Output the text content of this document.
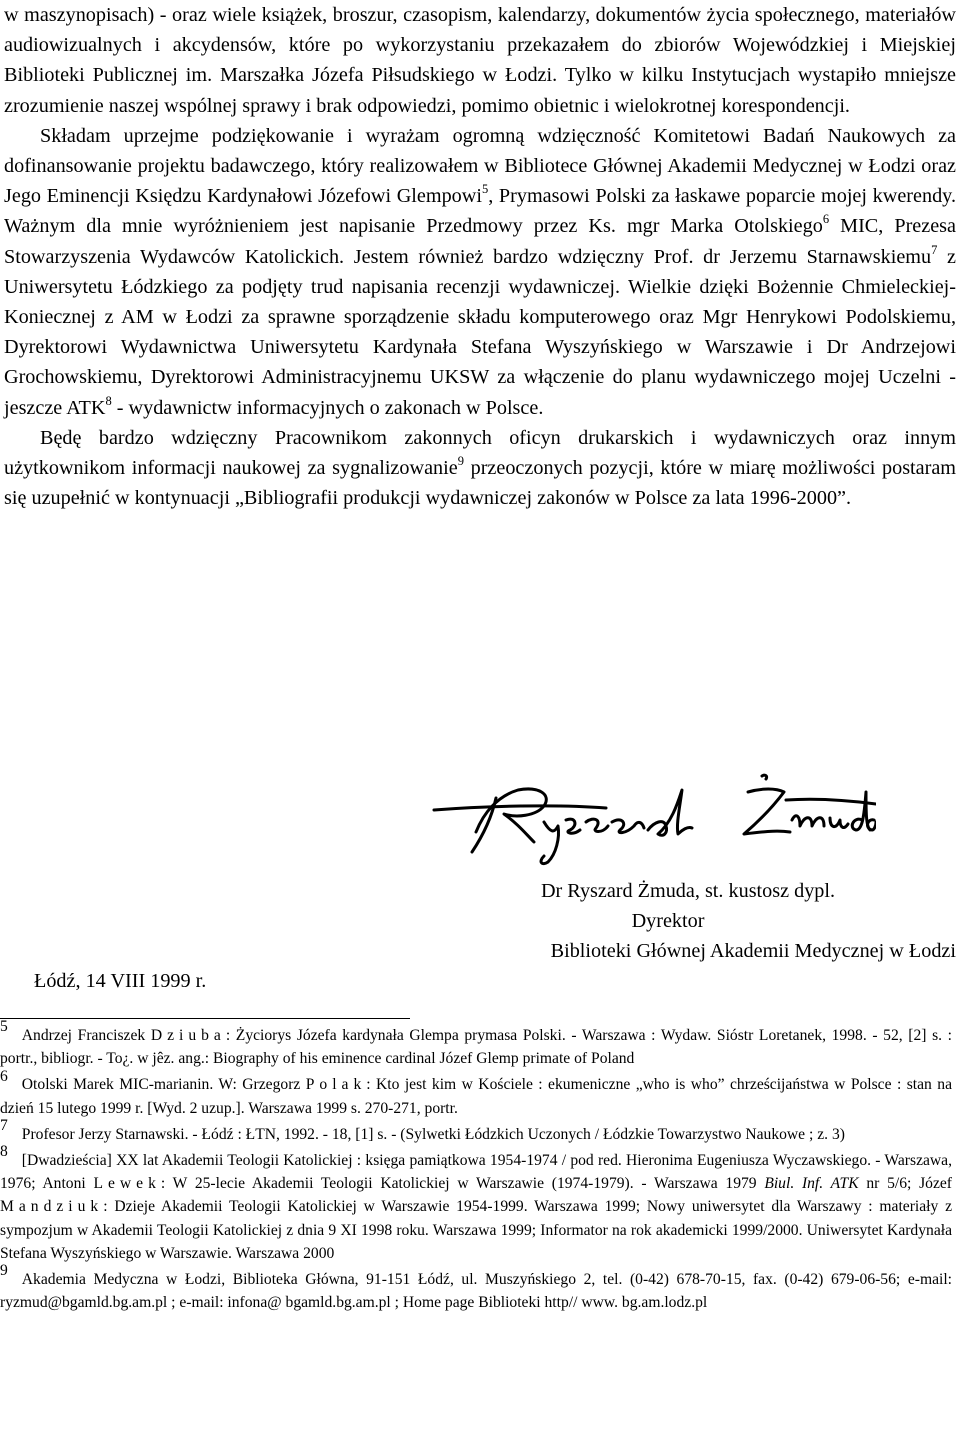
w maszynopisach) - oraz wiele książek, broszur, czasopism, kalendarzy, dokumentów życia społecznego, materiałów audiowizualnych i akcydensów, które po wykorzystaniu przekazałem do zbiorów Wojewódzkiej i Miejskiej Biblioteki Publicznej im. Marszałka Józefa Piłsudskiego w Łodzi. Tylko w kilku Instytucjach wystapiło mniejsze zrozumienie naszej wspólnej sprawy i brak odpowiedzi, pomimo obietnic i wielokrotnej korespondencji.

Składam uprzejme podziękowanie i wyrażam ogromną wdzięczność Komitetowi Badań Naukowych za dofinansowanie projektu badawczego, który realizowałem w Bibliotece Głównej Akademii Medycznej w Łodzi oraz Jego Eminencji Księdzu Kardynałowi Józefowi Glempowi$^5$, Prymasowi Polski za łaskawe poparcie mojej kwerendy. Ważnym dla mnie wyróżnieniem jest napisanie Przedmowy przez Ks. mgr Marka Otolskiego$^6$ MIC, Prezesa Stowarzyszenia Wydawców Katolickich. Jestem również bardzo wdzięczny Prof. dr Jerzemu Starnawskiemu$^7$ z Uniwersytetu Łódzkiego za podjęty trud napisania recenzji wydawniczej. Wielkie dzięki Bożennie Chmieleckiej-Koniecznej z AM w Łodzi za sprawne sporządzenie składu komputerowego oraz Mgr Henrykowi Podolskiemu, Dyrektorowi Wydawnictwa Uniwersytetu Kardynała Stefana Wyszyńskiego w Warszawie i Dr Andrzejowi Grochowskiemu, Dyrektorowi Administracyjnemu UKSW za włączenie do planu wydawniczego mojej Uczelni - jeszcze ATK$^8$ - wydawnictw informacyjnych o zakonach w Polsce.

Będę bardzo wdzięczny Pracownikom zakonnych oficyn drukarskich i wydawniczych oraz innym użytkownikom informacji naukowej za sygnalizowanie$^9$ przeoczonych pozycji, które w miarę możliwości postaram się uzupełnić w kontynuacji „Bibliografii produkcji wydawniczej zakonów w Polsce za lata 1996-2000”.

Dr Ryszard Żmuda, st. kustosz dypl.
Dyrektor
Biblioteki Głównej Akademii Medycznej w Łodzi
Łódź, 14 VIII 1999 r.

5Andrzej Franciszek Dziuba: Życiorys Józefa kardynała Glempa prymasa Polski. - Warszawa : Wydaw. Sióstr Loretanek, 1998. - 52, [2] s. : portr., bibliogr. - To¿. w jêz. ang.: Biography of his eminence cardinal Józef Glemp primate of Poland

6Otolski Marek MIC-marianin. W: Grzegorz Polak: Kto jest kim w Kościele : ekumeniczne „who is who” chrześcijaństwa w Polsce : stan na dzień 15 lutego 1999 r. [Wyd. 2 uzup.]. Warszawa 1999 s. 270-271, portr.

7Profesor Jerzy Starnawski. - Łódź : ŁTN, 1992. - 18, [1] s. - (Sylwetki Łódzkich Uczonych / Łódzkie Towarzystwo Naukowe ; z. 3)

8[Dwadzieścia] XX lat Akademii Teologii Katolickiej : księga pamiątkowa 1954-1974 / pod red. Hieronima Eugeniusza Wyczawskiego. - Warszawa, 1976; Antoni Lewek: W 25-lecie Akademii Teologii Katolickiej w Warszawie (1974-1979). - Warszawa 1979 Biul. Inf. ATK nr 5/6; Józef Mandziuk: Dzieje Akademii Teologii Katolickiej w Warszawie 1954-1999. Warszawa 1999; Nowy uniwersytet dla Warszawy : materiały z sympozjum w Akademii Teologii Katolickiej z dnia 9 XI 1998 roku. Warszawa 1999; Informator na rok akademicki 1999/2000. Uniwersytet Kardynała Stefana Wyszyńskiego w Warszawie. Warszawa 2000

9Akademia Medyczna w Łodzi, Biblioteka Główna, 91-151 Łódź, ul. Muszyńskiego 2, tel. (0-42) 678-70-15, fax. (0-42) 679-06-56; e-mail: ryzmud@bgamld.bg.am.pl ; e-mail: infona@ bgamld.bg.am.pl ; Home page Biblioteki http// www. bg.am.lodz.pl
